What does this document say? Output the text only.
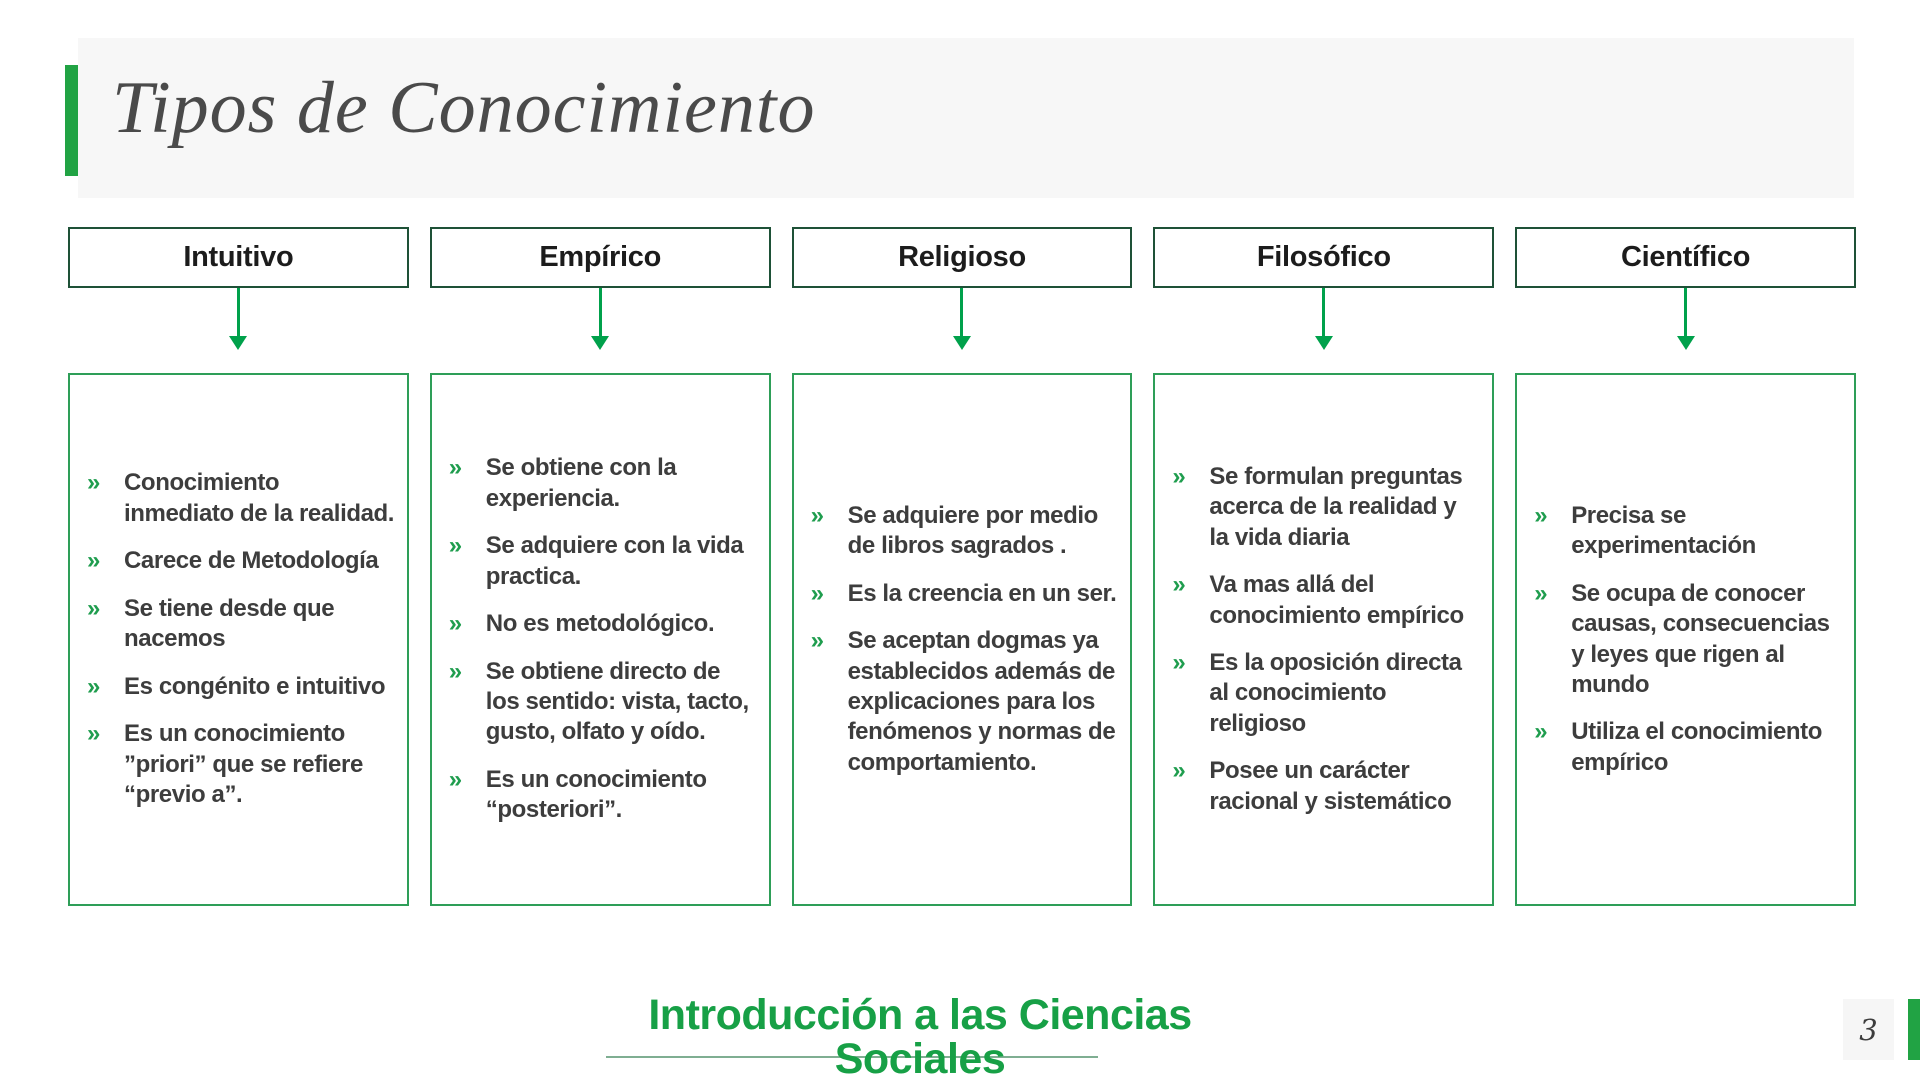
Tipos de Conocimiento
Intuitivo
» Conocimiento inmediato de la realidad.
» Carece de Metodología
» Se tiene desde que nacemos
» Es congénito e intuitivo
» Es un conocimiento ”priori” que se refiere “previo a”.
Empírico
» Se obtiene con la experiencia.
» Se adquiere con la vida practica.
» No es metodológico.
» Se obtiene directo de los sentido: vista, tacto, gusto, olfato y oído.
» Es un conocimiento “posteriori”.
Religioso
» Se adquiere por medio de libros sagrados .
» Es la creencia en un ser.
» Se aceptan dogmas ya establecidos además de explicaciones para los fenómenos y normas de comportamiento.
Filosófico
» Se formulan preguntas acerca de la realidad y la vida diaria
» Va mas allá del conocimiento empírico
» Es la oposición directa al conocimiento religioso
» Posee un carácter racional y sistemático
Científico
» Precisa se experimentación
» Se ocupa de conocer causas, consecuencias y leyes que rigen al mundo
» Utiliza el conocimiento empírico
Introducción a las Ciencias
Sociales
3
